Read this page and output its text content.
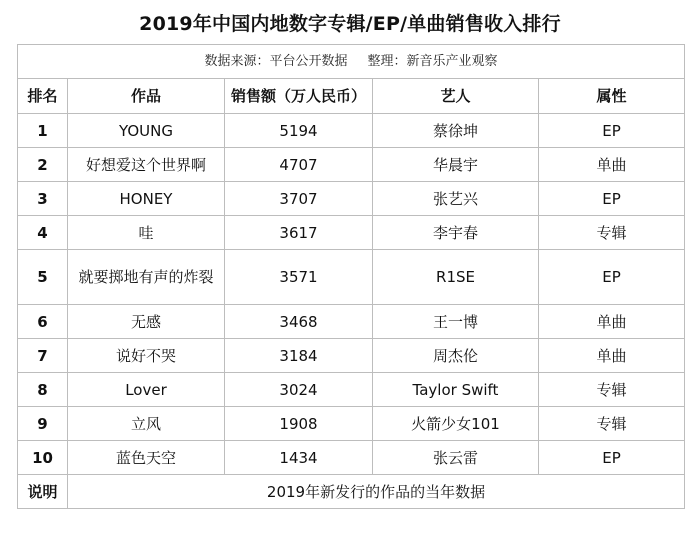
2019年中国内地数字专辑/EP/单曲销售收入排行
数据来源：平台公开数据 整理：新音乐产业观察				
排名	作品	销售额（万人民币）	艺人	属性
1	YOUNG	5194	蔡徐坤	EP
2	好想爱这个世界啊	4707	华晨宇	单曲
3	HONEY	3707	张艺兴	EP
4	哇	3617	李宇春	专辑
5	就要掷地有声的炸裂	3571	R1SE	EP
6	无感	3468	王一博	单曲
7	说好不哭	3184	周杰伦	单曲
8	Lover	3024	Taylor Swift	专辑
9	立风	1908	火箭少女101	专辑
10	蓝色天空	1434	张云雷	EP
说明	2019年新发行的作品的当年数据			
